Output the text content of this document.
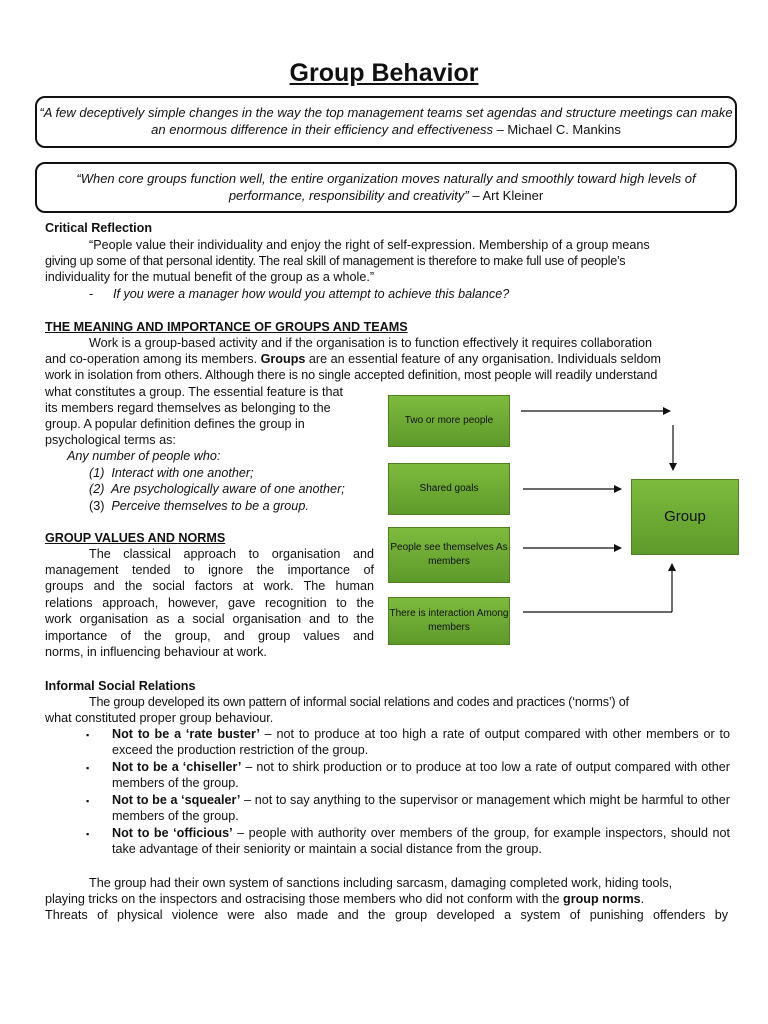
Group Behavior
“A few deceptively simple changes in the way the top management teams set agendas and structure meetings can make an enormous difference in their efficiency and effectiveness – Michael C. Mankins
“When core groups function well, the entire organization moves naturally and smoothly toward high levels of performance, responsibility and creativity” – Art Kleiner
Critical Reflection
“People value their individuality and enjoy the right of self-expression. Membership of a group means
giving up some of that personal identity. The real skill of management is therefore to make full use of people’s
individuality for the mutual benefit of the group as a whole.”
- If you were a manager how would you attempt to achieve this balance?
THE MEANING AND IMPORTANCE OF GROUPS AND TEAMS
Work is a group-based activity and if the organisation is to function effectively it requires collaboration
and co-operation among its members. Groups are an essential feature of any organisation. Individuals seldom
work in isolation from others. Although there is no single accepted definition, most people will readily understand
what constitutes a group. The essential feature is that
its members regard themselves as belonging to the
group. A popular definition defines the group in
psychological terms as:
Any number of people who:
(1) Interact with one another;
(2) Are psychologically aware of one another;
(3) Perceive themselves to be a group.
Two or more people
Shared goals
People see themselves As members
There is interaction Among members
Group
GROUP VALUES AND NORMS
The classical approach to organisation and
management tended to ignore the importance of
groups and the social factors at work. The human
relations approach, however, gave recognition to the
work organisation as a social organisation and to the
importance of the group, and group values and
norms, in influencing behaviour at work.
Informal Social Relations
The group developed its own pattern of informal social relations and codes and practices (‘norms’) of
what constituted proper group behaviour.
▪ Not to be a ‘rate buster’ – not to produce at too high a rate of output compared with other members or to exceed the production restriction of the group.
▪ Not to be a ‘chiseller’ – not to shirk production or to produce at too low a rate of output compared with other members of the group.
▪ Not to be a ‘squealer’ – not to say anything to the supervisor or management which might be harmful to other members of the group.
▪ Not to be ‘officious’ – people with authority over members of the group, for example inspectors, should not take advantage of their seniority or maintain a social distance from the group.
The group had their own system of sanctions including sarcasm, damaging completed work, hiding tools,
playing tricks on the inspectors and ostracising those members who did not conform with the group norms.
Threats of physical violence were also made and the group developed a system of punishing offenders by
